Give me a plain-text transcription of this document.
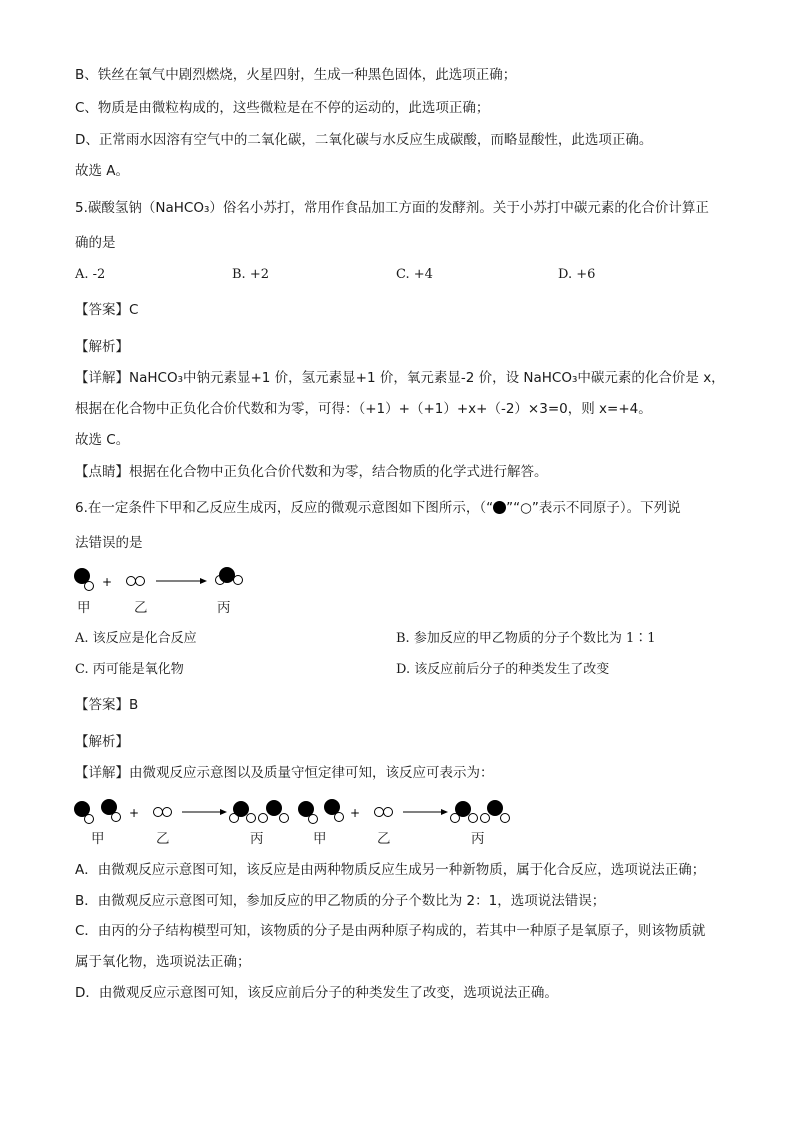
B、铁丝在氧气中剧烈燃烧，火星四射，生成一种黑色固体，此选项正确；
C、物质是由微粒构成的，这些微粒是在不停的运动的，此选项正确；
D、正常雨水因溶有空气中的二氧化碳，二氧化碳与水反应生成碳酸，而略显酸性，此选项正确。
故选 A。
5.碳酸氢钠（NaHCO₃）俗名小苏打，常用作食品加工方面的发酵剂。关于小苏打中碳元素的化合价计算正
确的是
A. -2	B. +2	C. +4	D. +6
【答案】C
【解析】
【详解】NaHCO₃中钠元素显+1 价，氢元素显+1 价，氧元素显-2 价，设 NaHCO₃中碳元素的化合价是 x，
根据在化合物中正负化合价代数和为零，可得：（+1）+（+1）+x+（-2）×3=0，则 x=+4。
故选 C。
【点睛】根据在化合物中正负化合价代数和为零，结合物质的化学式进行解答。
6.在一定条件下甲和乙反应生成丙，反应的微观示意图如下图所示，（“ ”“○”表示不同原子）。下列说
法错误的是
+
甲	乙	丙
A. 该反应是化合反应	B. 参加反应的甲乙物质的分子个数比为 1∶1
C. 丙可能是氧化物	D. 该反应前后分子的种类发生了改变
【答案】B
【解析】
【详解】由微观反应示意图以及质量守恒定律可知，该反应可表示为：
+	+
甲	乙	丙	甲	乙	丙
A．由微观反应示意图可知，该反应是由两种物质反应生成另一种新物质，属于化合反应，选项说法正确；
B．由微观反应示意图可知，参加反应的甲乙物质的分子个数比为 2：1，选项说法错误；
C．由丙的分子结构模型可知，该物质的分子是由两种原子构成的，若其中一种原子是氧原子，则该物质就
属于氧化物，选项说法正确；
D．由微观反应示意图可知，该反应前后分子的种类发生了改变，选项说法正确。
